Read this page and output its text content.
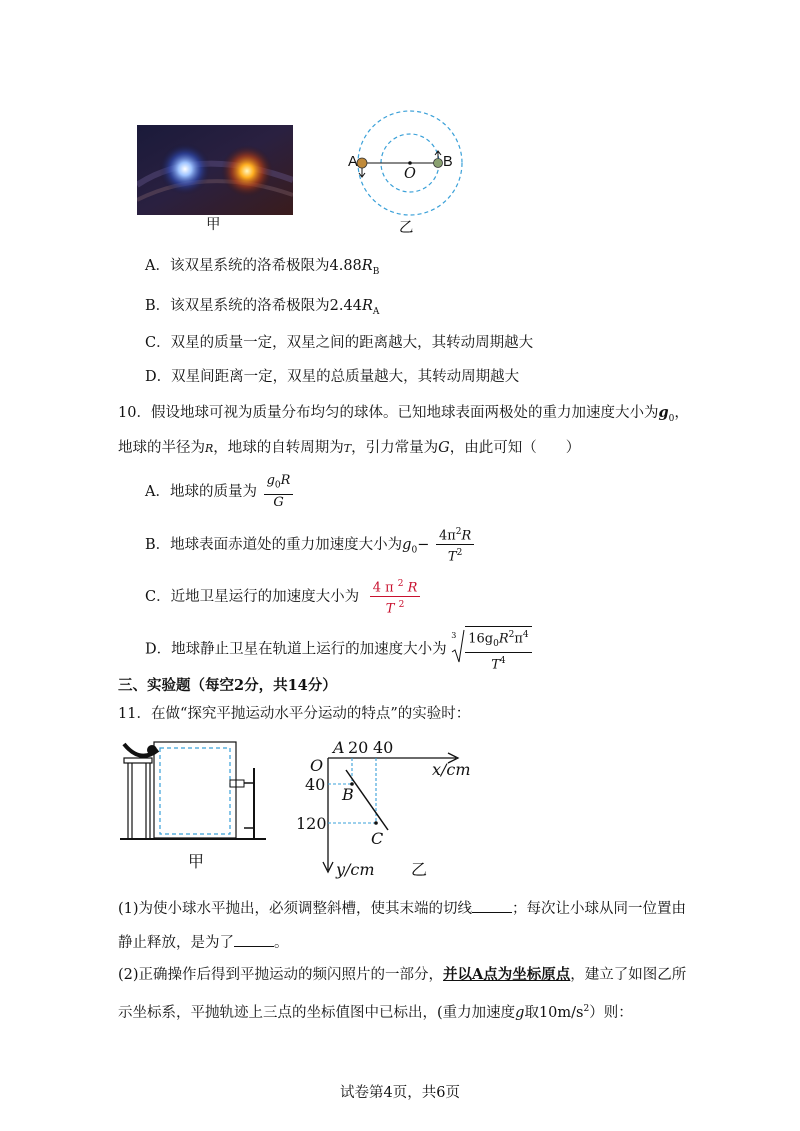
甲
A
O
B
乙
A．该双星系统的洛希极限为$4.88R_B$
B．该双星系统的洛希极限为$2.44R_A$
C．双星的质量一定，双星之间的距离越大，其转动周期越大
D．双星间距离一定，双星的总质量越大，其转动周期越大
10．假设地球可视为质量分布均匀的球体。已知地球表面两极处的重力加速度大小为$g_0$，
地球的半径为R，地球的自转周期为T，引力常量为G，由此可知（　　）
A．地球的质量为 $\frac{g_0R}{G}$
B．地球表面赤道处的重力加速度大小为$g_0- \frac{4\pi^2R}{T^2}$
C．近地卫星运行的加速度大小为 $\frac{4 \pi ^2 R}{T ^2}$
D．地球静止卫星在轨道上运行的加速度大小为
$3 \frac{16g_0R^2\pi^4}{T^4}$
三、实验题（每空2分，共14分）
11．在做“探究平抛运动水平分运动的特点”的实验时：
甲
A 20 40
O	x/cm
40
B
120
C
y/cm 乙
(1)为使小球水平抛出，必须调整斜槽，使其末端的切线	；每次让小球从同一位置由
静止释放，是为了	。
(2)正确操作后得到平抛运动的频闪照片的一部分，并以A点为坐标原点，建立了如图乙所
示坐标系，平抛轨迹上三点的坐标值图中已标出，(重力加速度g取$10m/s^2$）则：
试卷第4页，共6页
